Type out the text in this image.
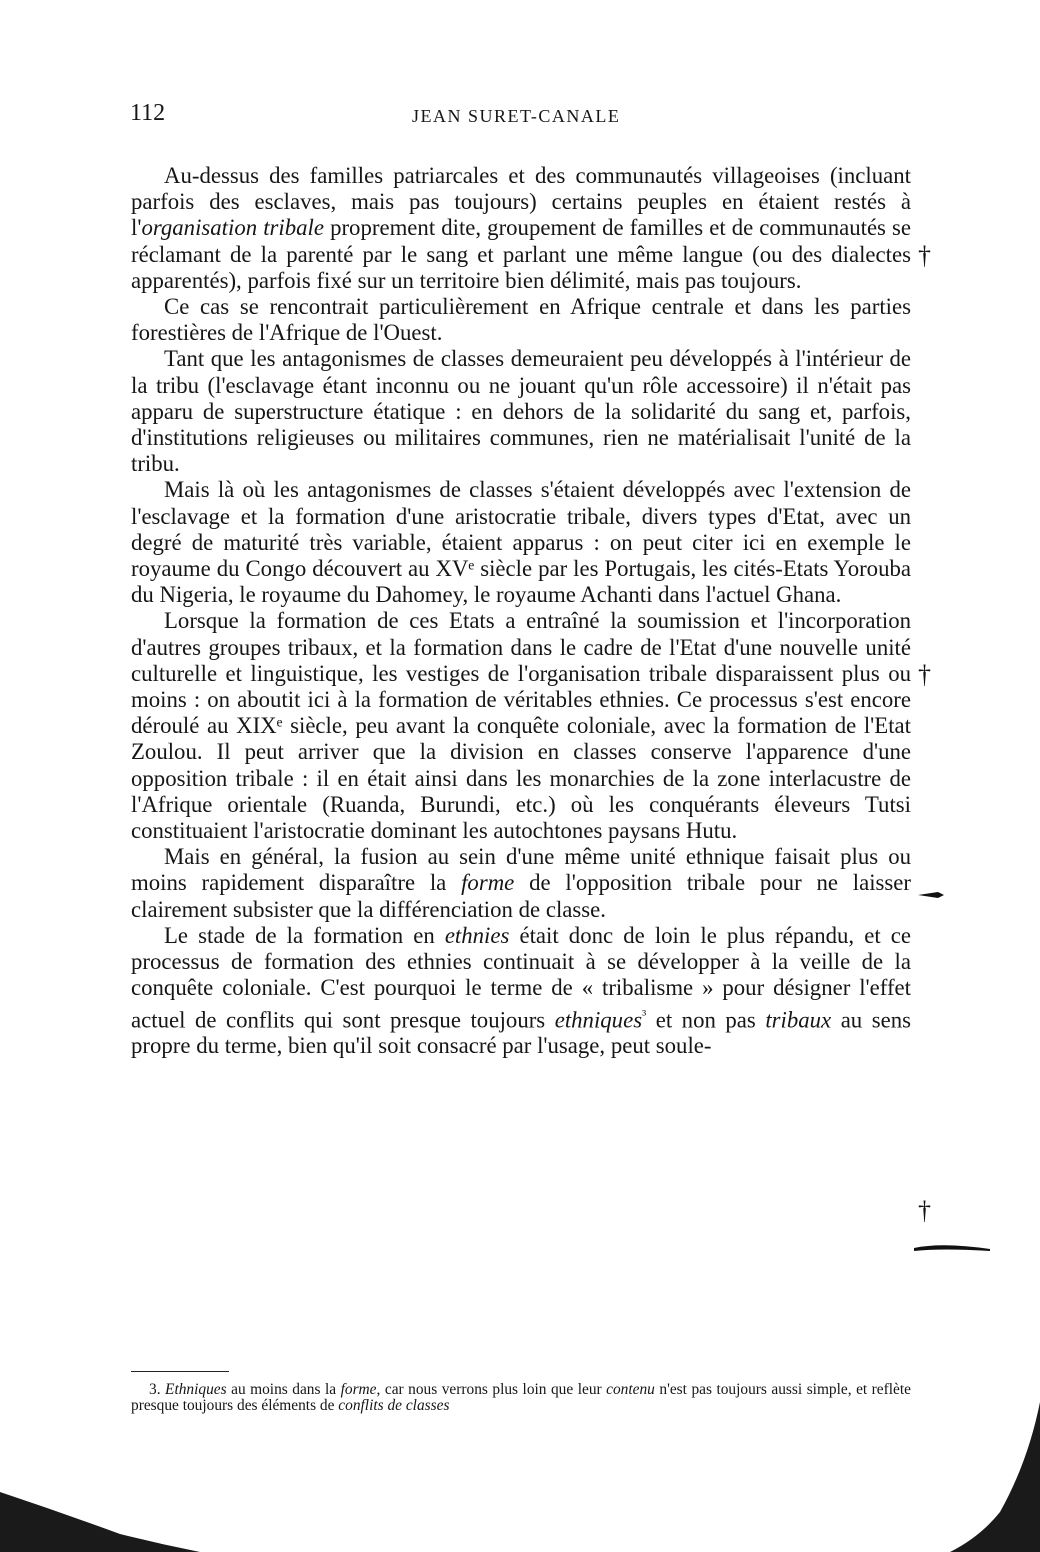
112	JEAN SURET-CANALE

Au-dessus des familles patriarcales et des communautés villageoises (incluant parfois des esclaves, mais pas toujours) certains peuples en étaient restés à l'organisation tribale proprement dite, groupement de familles et de communautés se réclamant de la parenté par le sang et parlant une même langue (ou des dialectes apparentés), parfois fixé sur un territoire bien délimité, mais pas toujours.

Ce cas se rencontrait particulièrement en Afrique centrale et dans les parties forestières de l'Afrique de l'Ouest.

Tant que les antagonismes de classes demeuraient peu développés à l'intérieur de la tribu (l'esclavage étant inconnu ou ne jouant qu'un rôle accessoire) il n'était pas apparu de superstructure étatique : en dehors de la solidarité du sang et, parfois, d'institutions religieuses ou militaires communes, rien ne matérialisait l'unité de la tribu.

Mais là où les antagonismes de classes s'étaient développés avec l'extension de l'esclavage et la formation d'une aristocratie tribale, divers types d'Etat, avec un degré de maturité très variable, étaient apparus : on peut citer ici en exemple le royaume du Congo découvert au XVᵉ siècle par les Portugais, les cités-Etats Yorouba du Nigeria, le royaume du Dahomey, le royaume Achanti dans l'actuel Ghana.

Lorsque la formation de ces Etats a entraîné la soumission et l'incorporation d'autres groupes tribaux, et la formation dans le cadre de l'Etat d'une nouvelle unité culturelle et linguistique, les vestiges de l'organisation tribale disparaissent plus ou moins : on aboutit ici à la formation de véritables ethnies. Ce processus s'est encore déroulé au XIXᵉ siècle, peu avant la conquête coloniale, avec la formation de l'Etat Zoulou. Il peut arriver que la division en classes conserve l'apparence d'une opposition tribale : il en était ainsi dans les monarchies de la zone interlacustre de l'Afrique orientale (Ruanda, Burundi, etc.) où les conquérants éleveurs Tutsi constituaient l'aristocratie dominant les autochtones paysans Hutu.

Mais en général, la fusion au sein d'une même unité ethnique faisait plus ou moins rapidement disparaître la forme de l'opposition tribale pour ne laisser clairement subsister que la différenciation de classe.

Le stade de la formation en ethnies était donc de loin le plus répandu, et ce processus de formation des ethnies continuait à se développer à la veille de la conquête coloniale. C'est pourquoi le terme de « tribalisme » pour désigner l'effet actuel de conflits qui sont presque toujours ethniques$^{^3}$ et non pas tribaux au sens propre du terme, bien qu'il soit consacré par l'usage, peut soule-

3. Ethniques au moins dans la forme, car nous verrons plus loin que leur contenu n'est pas toujours aussi simple, et reflète presque toujours des éléments de conflits de classes

†
†
†
